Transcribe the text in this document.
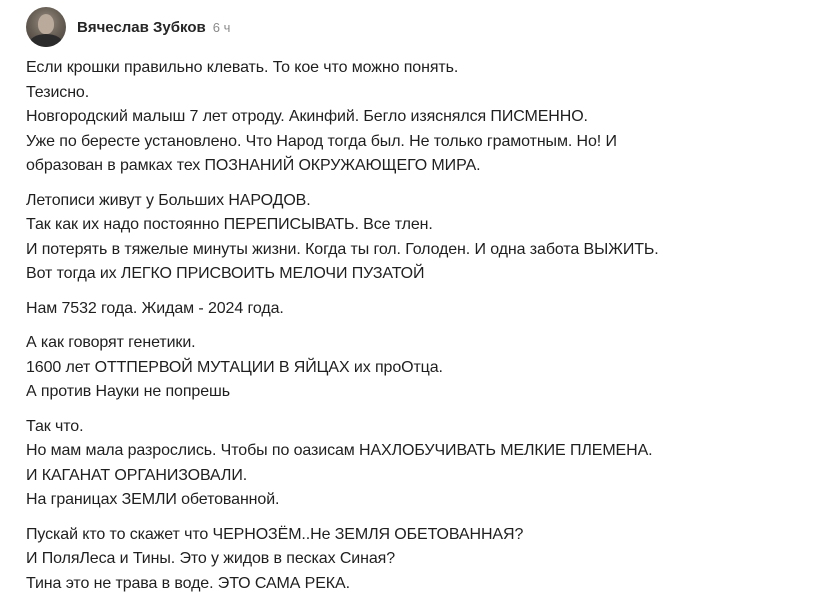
Вячеслав Зубков 6 ч
Если крошки правильно клевать. То кое что можно понять.
Тезисно.
Новгородский малыш 7 лет отроду. Акинфий. Бегло изяснялся ПИСМЕННО.
Уже по бересте установлено. Что Народ тогда был. Не только грамотным. Но! И
образован в рамках тех ПОЗНАНИЙ ОКРУЖАЮЩЕГО МИРА.
Летописи живут у Больших НАРОДОВ.
Так как их надо постоянно ПЕРЕПИСЫВАТЬ. Все тлен.
И потерять в тяжелые минуты жизни. Когда ты гол. Голоден. И одна забота ВЫЖИТЬ.
Вот тогда их ЛЕГКО ПРИСВОИТЬ МЕЛОЧИ ПУЗАТОЙ
Нам 7532 года. Жидам - 2024 года.
А как говорят генетики.
1600 лет ОТТПЕРВОЙ МУТАЦИИ В ЯЙЦАХ их проОтца.
А против Науки не попрешь
Так что.
Но мам мала разрослись. Чтобы по оазисам НАХЛОБУЧИВАТЬ МЕЛКИЕ ПЛЕМЕНА.
И КАГАНАТ ОРГАНИЗОВАЛИ.
На границах ЗЕМЛИ обетованной.
Пускай кто то скажет что ЧЕРНОЗЁМ..Не ЗЕМЛЯ ОБЕТОВАННАЯ?
И ПоляЛеса и Тины. Это у жидов в песках Синая?
Тина это не трава в воде. ЭТО САМА РЕКА.
